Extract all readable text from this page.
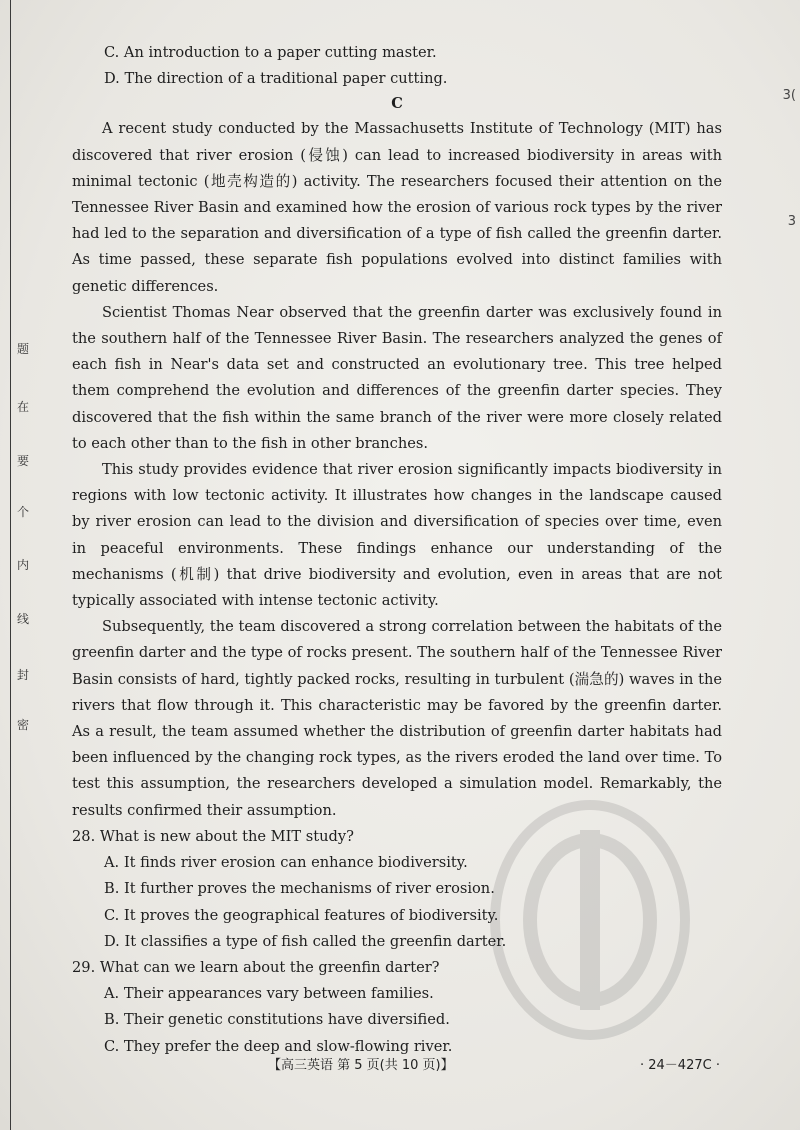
题
在
要
个
内
线
封
密
3(
3

C. An introduction to a paper cutting master.

D. The direction of a traditional paper cutting.

C

A recent study conducted by the Massachusetts Institute of Technology (MIT) has discovered that river erosion (侵蚀) can lead to increased biodiversity in areas with minimal tectonic (地壳构造的) activity. The researchers focused their attention on the Tennessee River Basin and examined how the erosion of various rock types by the river had led to the separation and diversification of a type of fish called the greenfin darter. As time passed, these separate fish populations evolved into distinct families with genetic differences.

Scientist Thomas Near observed that the greenfin darter was exclusively found in the southern half of the Tennessee River Basin. The researchers analyzed the genes of each fish in Near's data set and constructed an evolutionary tree. This tree helped them comprehend the evolution and differences of the greenfin darter species. They discovered that the fish within the same branch of the river were more closely related to each other than to the fish in other branches.

This study provides evidence that river erosion significantly impacts biodiversity in regions with low tectonic activity. It illustrates how changes in the landscape caused by river erosion can lead to the division and diversification of species over time, even in peaceful environments. These findings enhance our understanding of the mechanisms (机制) that drive biodiversity and evolution, even in areas that are not typically associated with intense tectonic activity.

Subsequently, the team discovered a strong correlation between the habitats of the greenfin darter and the type of rocks present. The southern half of the Tennessee River Basin consists of hard, tightly packed rocks, resulting in turbulent (湍急的) waves in the rivers that flow through it. This characteristic may be favored by the greenfin darter. As a result, the team assumed whether the distribution of greenfin darter habitats had been influenced by the changing rock types, as the rivers eroded the land over time. To test this assumption, the researchers developed a simulation model. Remarkably, the results confirmed their assumption.

28. What is new about the MIT study?

A. It finds river erosion can enhance biodiversity.

B. It further proves the mechanisms of river erosion.

C. It proves the geographical features of biodiversity.

D. It classifies a type of fish called the greenfin darter.

29. What can we learn about the greenfin darter?

A. Their appearances vary between families.

B. Their genetic constitutions have diversified.

C. They prefer the deep and slow-flowing river.

【高三英语 第 5 页(共 10 页)】	· 24－427C ·
